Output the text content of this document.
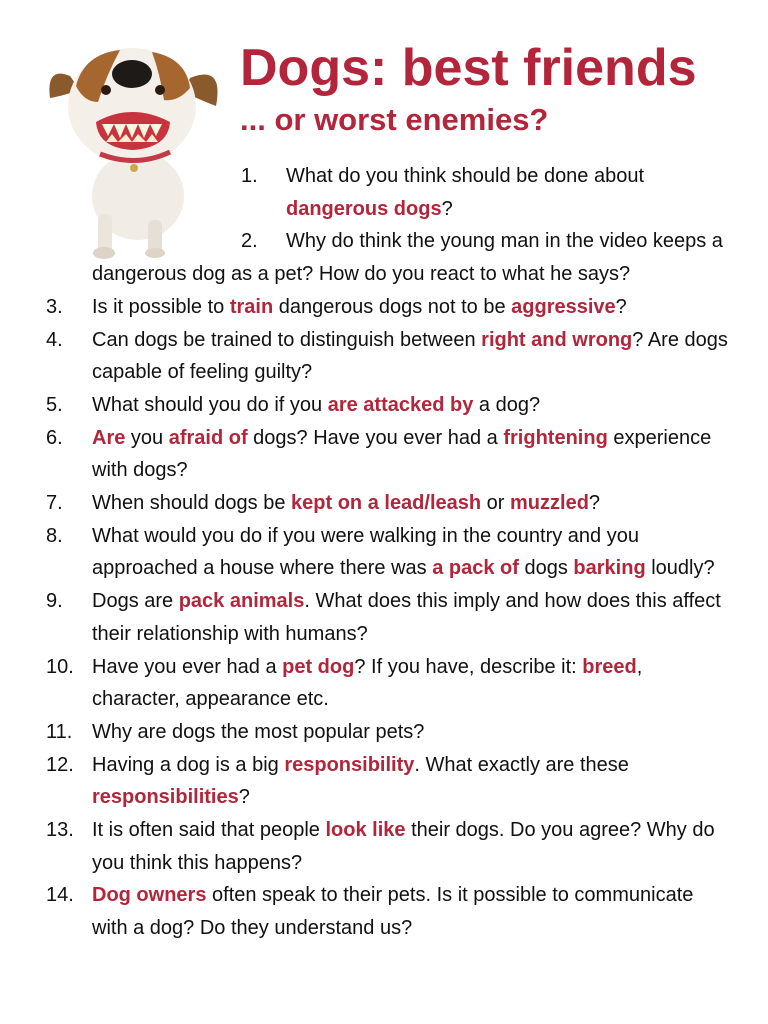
Dogs: best friends
... or worst enemies?
1. What do you think should be done about dangerous dogs?
2. Why do think the young man in the video keeps a dangerous dog as a pet? How do you react to what he says?
3. Is it possible to train dangerous dogs not to be aggressive?
4. Can dogs be trained to distinguish between right and wrong? Are dogs capable of feeling guilty?
5. What should you do if you are attacked by a dog?
6. Are you afraid of dogs? Have you ever had a frightening experience with dogs?
7. When should dogs be kept on a lead/leash or muzzled?
8. What would you do if you were walking in the country and you approached a house where there was a pack of dogs barking loudly?
9. Dogs are pack animals. What does this imply and how does this affect their relationship with humans?
10. Have you ever had a pet dog? If you have, describe it: breed, character, appearance etc.
11. Why are dogs the most popular pets?
12. Having a dog is a big responsibility. What exactly are these responsibilities?
13. It is often said that people look like their dogs. Do you agree? Why do you think this happens?
14. Dog owners often speak to their pets. Is it possible to communicate with a dog? Do they understand us?
